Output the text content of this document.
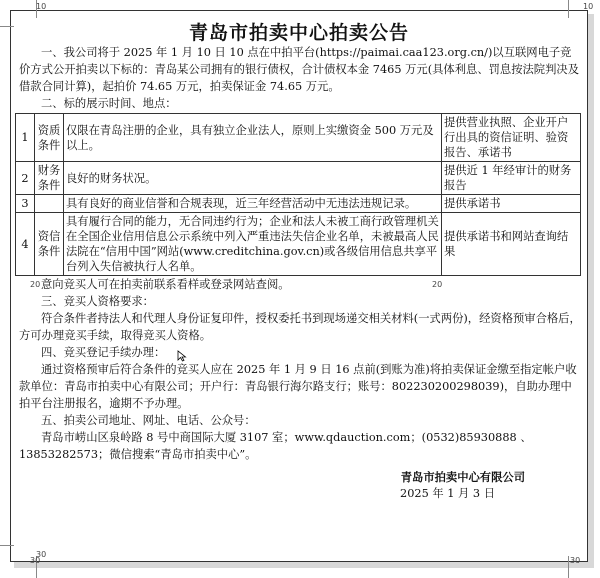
青岛市拍卖中心拍卖公告
一、我公司将于 2025 年 1 月 10 日 10 点在中拍平台(https://paimai.caa123.org.cn/)以互联网电子竞价方式公开拍卖以下标的：青岛某公司拥有的银行债权，合计债权本金 7465 万元(具体利息、罚息按法院判决及借款合同计算)，起拍价 74.65 万元，拍卖保证金 74.65 万元。
二、标的展示时间、地点：
1	资质条件	仅限在青岛注册的企业，具有独立企业法人，原则上实缴资金 500 万元及以上。	提供营业执照、企业开户行出具的资信证明、验资报告、承诺书
2	财务条件	良好的财务状况。	提供近 1 年经审计的财务报告
3		具有良好的商业信誉和合规表现，近三年经营活动中无违法违规记录。	提供承诺书
4	资信条件	具有履行合同的能力，无合同违约行为；企业和法人未被工商行政管理机关在全国企业信用信息公示系统中列入严重违法失信企业名单，未被最高人民法院在“信用中国”网站(www.creditchina.gov.cn)或各级信用信息共享平台列入失信被执行人名单。	提供承诺书和网站查询结果
意向竞买人可在拍卖前联系看样或登录网站查阅。
三、竞买人资格要求：
符合条件者持法人和代理人身份证复印件，授权委托书到现场递交相关材料(一式两份)，经资格预审合格后，方可办理竞买手续，取得竞买人资格。
四、竞买登记手续办理：
通过资格预审后符合条件的竞买人应在 2025 年 1 月 9 日 16 点前(到账为准)将拍卖保证金缴至指定帐户收款单位：青岛市拍卖中心有限公司；开户行：青岛银行海尔路支行；账号：802230200298039)，自助办理中拍平台注册报名，逾期不予办理。
五、拍卖公司地址、网址、电话、公众号：
青岛市崂山区泉岭路 8 号中商国际大厦 3107 室；www.qdauction.com；(0532)85930888 、13853282573；微信搜索“青岛市拍卖中心”。
青岛市拍卖中心有限公司
2025 年 1 月 3 日
10	10
20	20
30
30
30
